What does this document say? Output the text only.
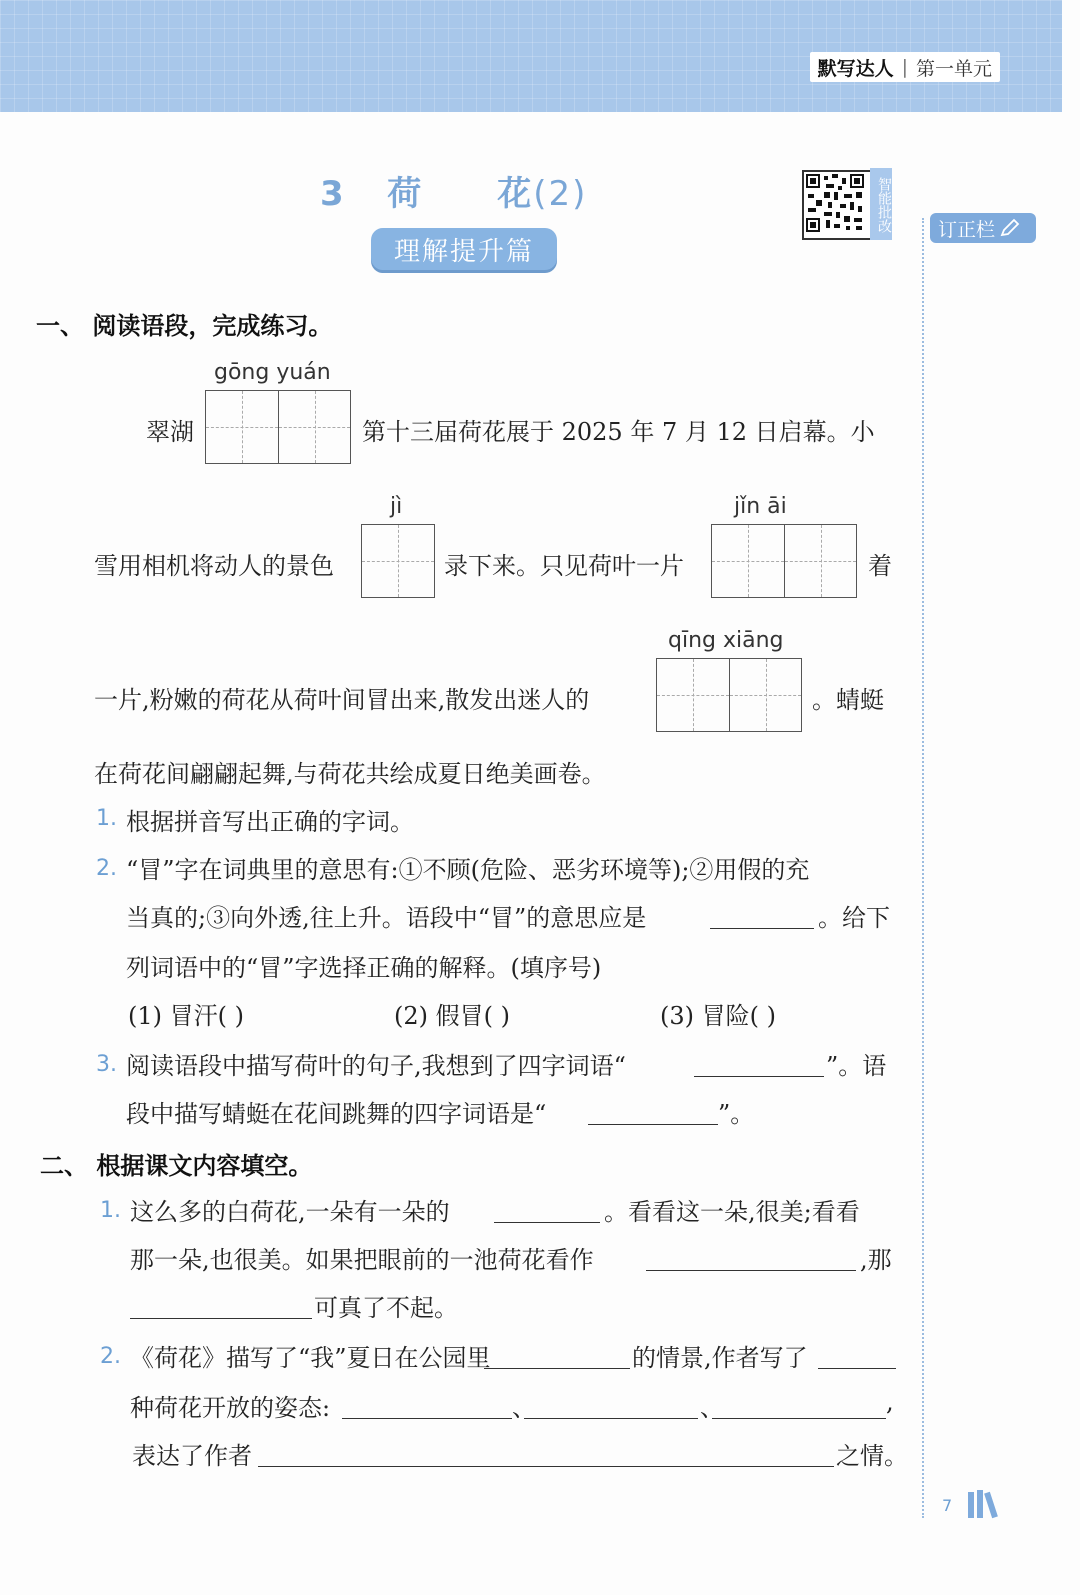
默写达人 | 第一单元
3 荷 花(2)
理解提升篇
智能批改 订正栏
一、 阅读语段，完成练习。
gōng yuán
翠湖	第十三届荷花展于 2025 年 7 月 12 日启幕。小
jì	jǐn āi
雪用相机将动人的景色	录下来。只见荷叶一片	着
qīng xiāng
一片,粉嫩的荷花从荷叶间冒出来,散发出迷人的	。蜻蜓
在荷花间翩翩起舞,与荷花共绘成夏日绝美画卷。
1. 根据拼音写出正确的字词。
2. “冒”字在词典里的意思有:①不顾(危险、恶劣环境等);②用假的充
当真的;③向外透,往上升。语段中“冒”的意思应是	。给下
列词语中的“冒”字选择正确的解释。(填序号)
(1) 冒汗( )	(2) 假冒( )	(3) 冒险( )
3. 阅读语段中描写荷叶的句子,我想到了四字词语“	”。语
段中描写蜻蜓在花间跳舞的四字词语是“	”。
二、 根据课文内容填空。
1. 这么多的白荷花,一朵有一朵的	。看看这一朵,很美;看看
那一朵,也很美。如果把眼前的一池荷花看作	,那
可真了不起。
2. 《荷花》描写了“我”夏日在公园里	的情景,作者写了
种荷花开放的姿态:	、	、	,
表达了作者	之情。
7
